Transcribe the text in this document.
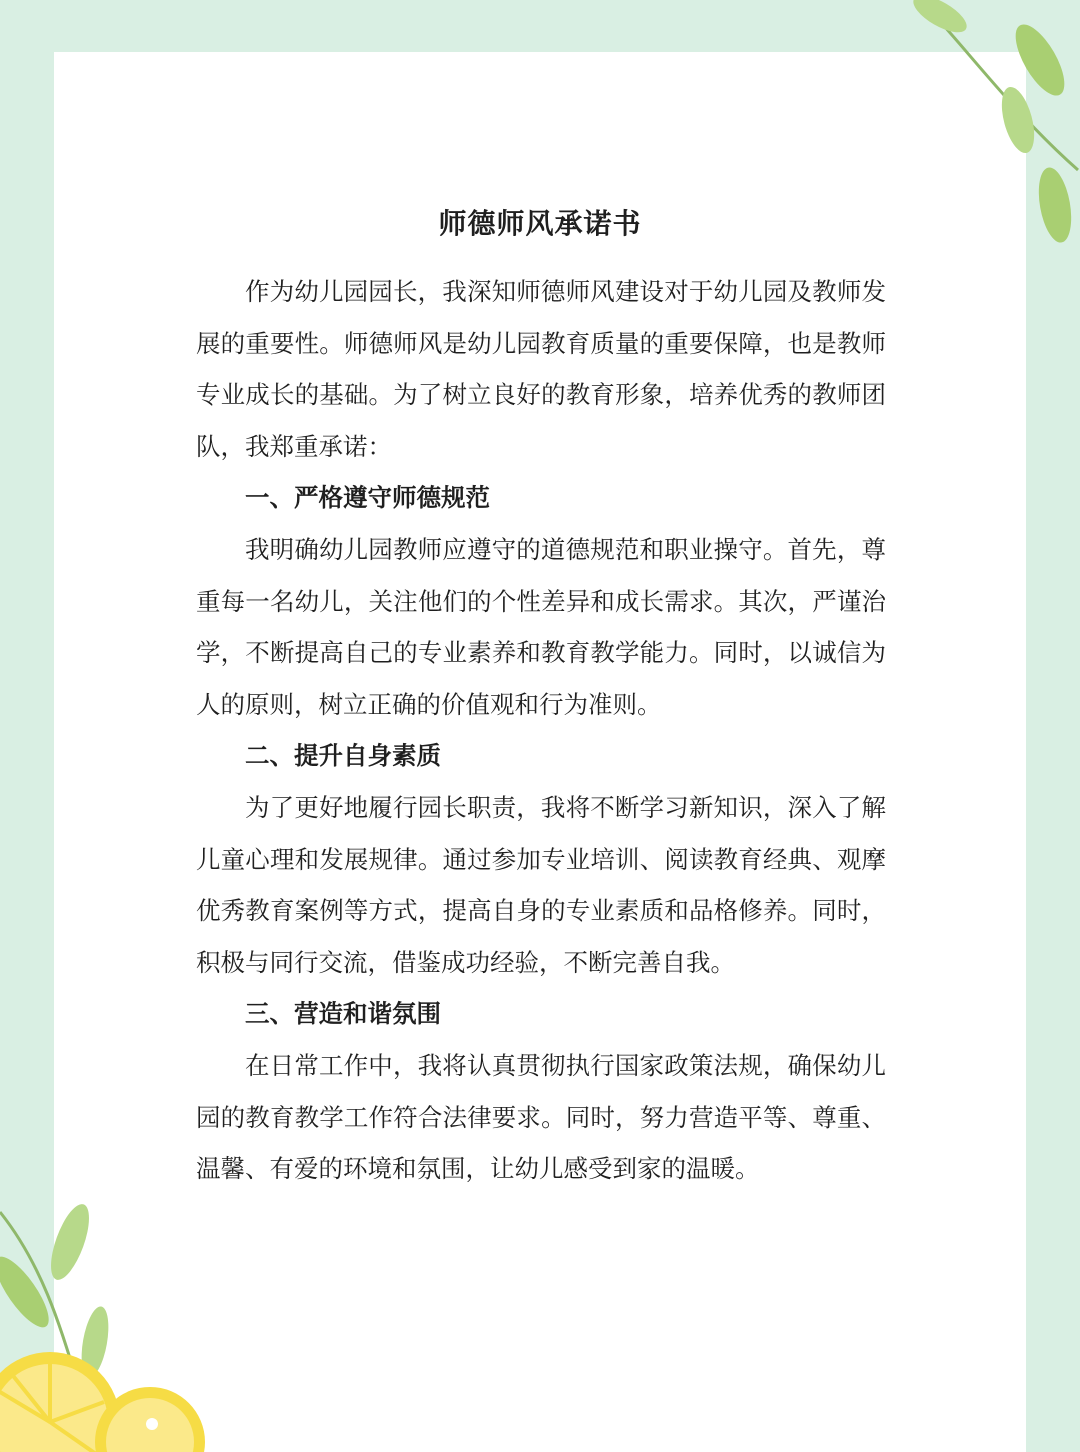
师德师风承诺书

作为幼儿园园长，我深知师德师风建设对于幼儿园及教师发展的重要性。师德师风是幼儿园教育质量的重要保障，也是教师专业成长的基础。为了树立良好的教育形象，培养优秀的教师团队，我郑重承诺：

一、严格遵守师德规范

我明确幼儿园教师应遵守的道德规范和职业操守。首先，尊重每一名幼儿，关注他们的个性差异和成长需求。其次，严谨治学，不断提高自己的专业素养和教育教学能力。同时，以诚信为人的原则，树立正确的价值观和行为准则。

二、提升自身素质

为了更好地履行园长职责，我将不断学习新知识，深入了解儿童心理和发展规律。通过参加专业培训、阅读教育经典、观摩优秀教育案例等方式，提高自身的专业素质和品格修养。同时，积极与同行交流，借鉴成功经验，不断完善自我。

三、营造和谐氛围

在日常工作中，我将认真贯彻执行国家政策法规，确保幼儿园的教育教学工作符合法律要求。同时，努力营造平等、尊重、温馨、有爱的环境和氛围，让幼儿感受到家的温暖。
